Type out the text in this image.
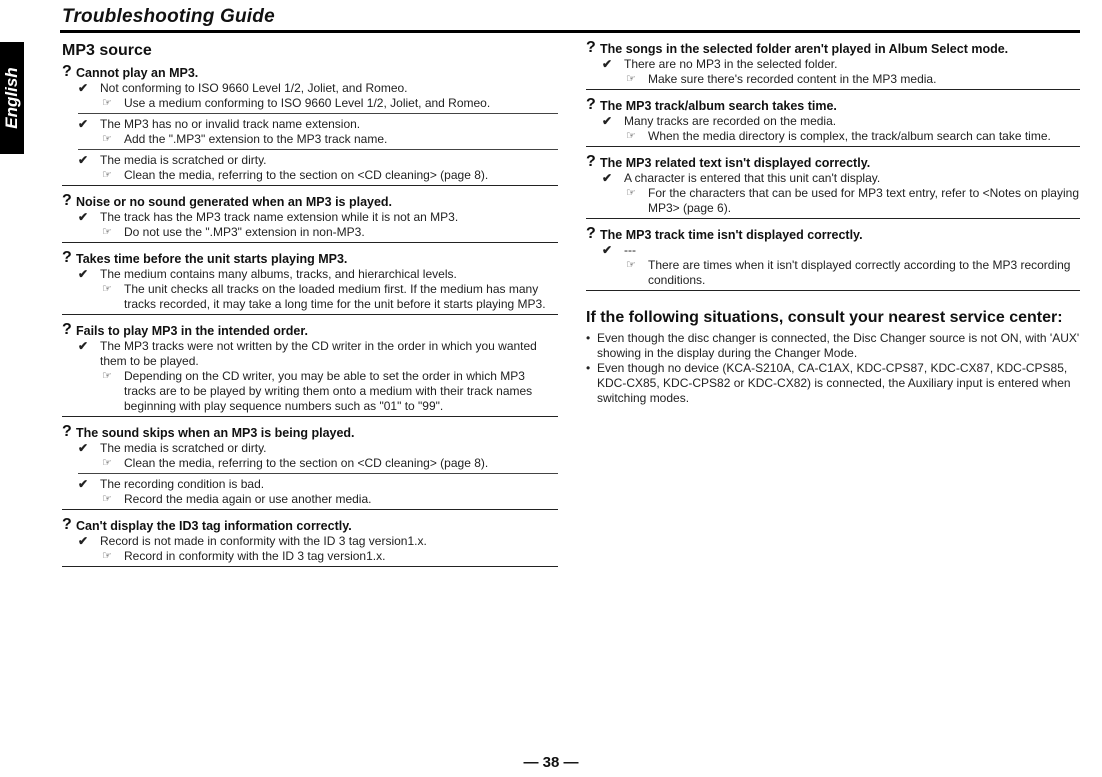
English
Troubleshooting Guide
MP3 source
? Cannot play an MP3.
✔ Not conforming to ISO 9660 Level 1/2, Joliet, and Romeo.
☞ Use a medium conforming to ISO 9660 Level 1/2, Joliet, and Romeo.
✔ The MP3 has no or invalid track name extension.
☞ Add the ".MP3" extension to the MP3 track name.
✔ The media is scratched or dirty.
☞ Clean the media, referring to the section on <CD cleaning> (page 8).
? Noise or no sound generated when an MP3 is played.
✔ The track has the MP3 track name extension while it is not an MP3.
☞ Do not use the ".MP3" extension in non-MP3.
? Takes time before the unit starts playing MP3.
✔ The medium contains many albums, tracks, and hierarchical levels.
☞ The unit checks all tracks on the loaded medium first. If the medium has many tracks recorded, it may take a long time for the unit before it starts playing MP3.
? Fails to play MP3 in the intended order.
✔ The MP3 tracks were not written by the CD writer in the order in which you wanted them to be played.
☞ Depending on the CD writer, you may be able to set the order in which MP3 tracks are to be played by writing them onto a medium with their track names beginning with play sequence numbers such as "01" to "99".
? The sound skips when an MP3 is being played.
✔ The media is scratched or dirty.
☞ Clean the media, referring to the section on <CD cleaning> (page 8).
✔ The recording condition is bad.
☞ Record the media again or use another media.
? Can't display the ID3 tag information correctly.
✔ Record is not made in conformity with the ID 3 tag version1.x.
☞ Record in conformity with the ID 3 tag version1.x.
? The songs in the selected folder aren't played in Album Select mode.
✔ There are no MP3 in the selected folder.
☞ Make sure there's recorded content in the MP3 media.
? The MP3 track/album search takes time.
✔ Many tracks are recorded on the media.
☞ When the media directory is complex, the track/album search can take time.
? The MP3 related text isn't displayed correctly.
✔ A character is entered that this unit can't display.
☞ For the characters that can be used for MP3 text entry, refer to <Notes on playing MP3> (page 6).
? The MP3 track time isn't displayed correctly.
✔ ---
☞ There are times when it isn't displayed correctly according to the MP3 recording conditions.
If the following situations, consult your nearest service center:
• Even though the disc changer is connected, the Disc Changer source is not ON, with 'AUX' showing in the display during the Changer Mode.
• Even though no device (KCA-S210A, CA-C1AX, KDC-CPS87, KDC-CX87, KDC-CPS85, KDC-CX85, KDC-CPS82 or KDC-CX82) is connected, the Auxiliary input is entered when switching modes.
— 38 —
